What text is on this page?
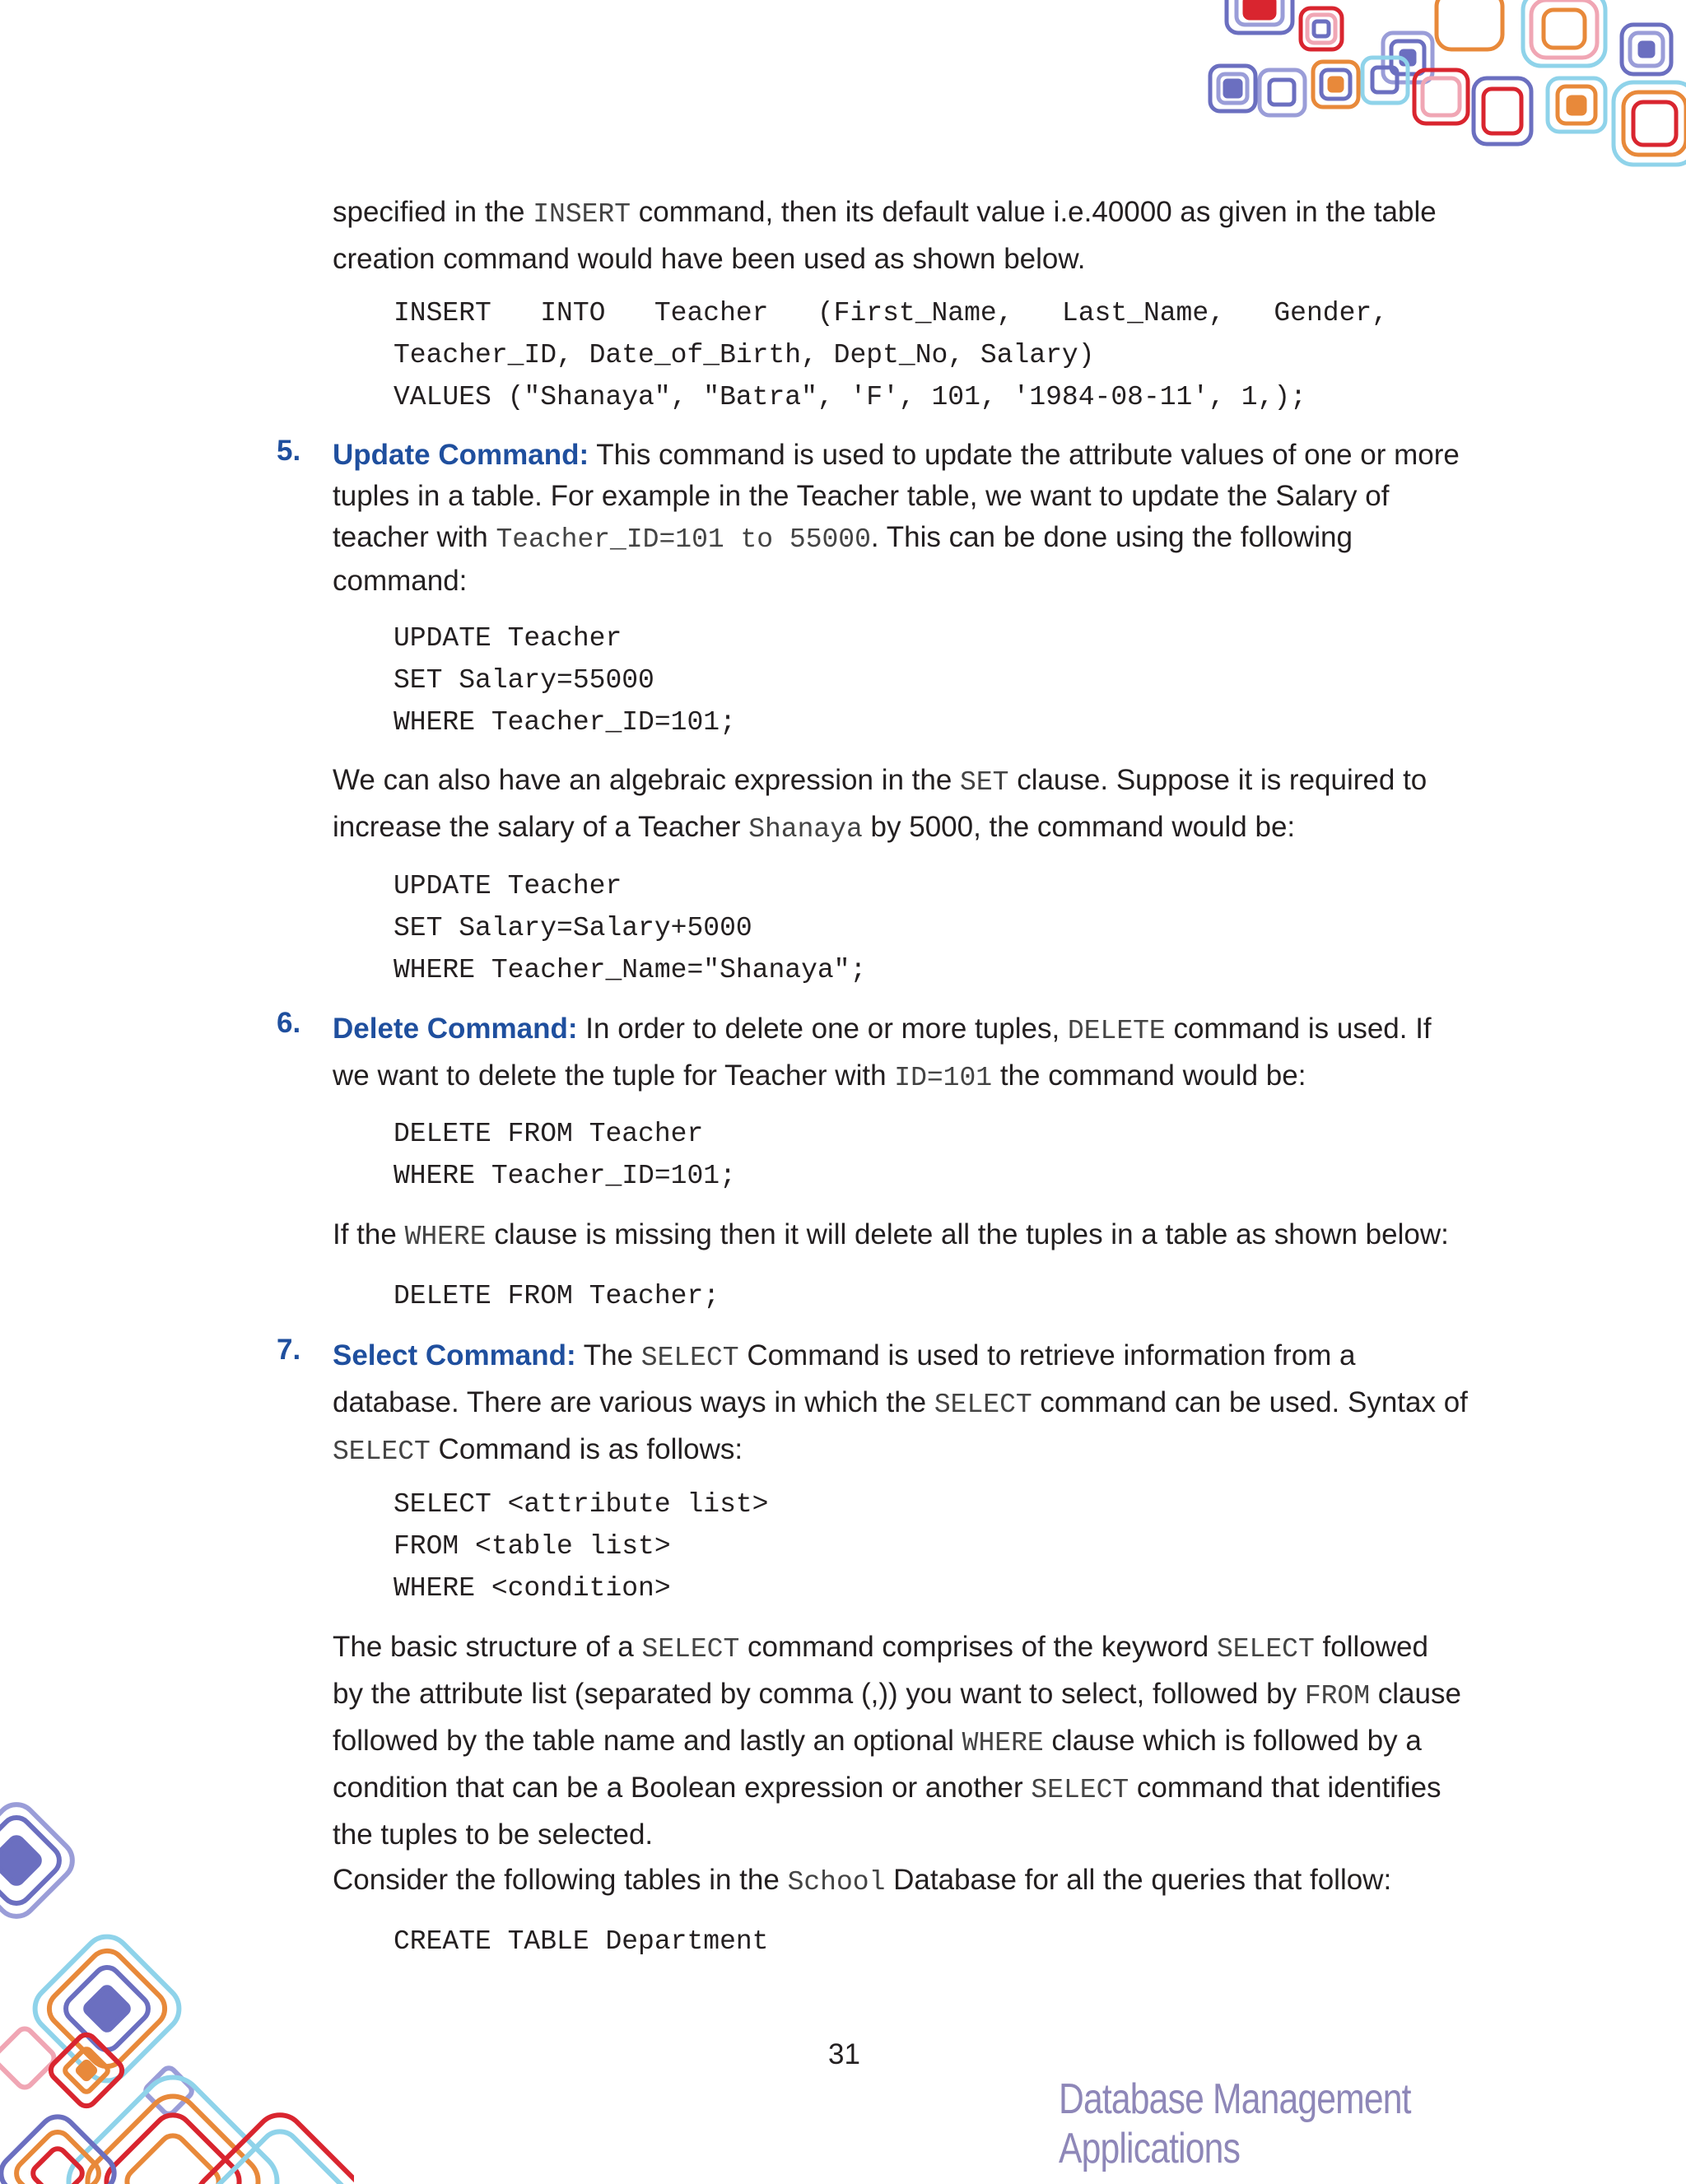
specified in the INSERT command, then its default value i.e.40000 as given in the table
creation command would have been used as shown below.
INSERT   INTO   Teacher   (First_Name,   Last_Name,   Gender,
Teacher_ID, Date_of_Birth, Dept_No, Salary)
VALUES ("Shanaya", "Batra", 'F', 101, '1984-08-11', 1,);
5. Update Command: This command is used to update the attribute values of one or more
tuples in a table. For example in the Teacher table, we want to update the Salary of
teacher with Teacher_ID=101 to 55000. This can be done using the following
command:
UPDATE Teacher
SET Salary=55000
WHERE Teacher_ID=101;
We can also have an algebraic expression in the SET clause. Suppose it is required to
increase the salary of a Teacher Shanaya by 5000, the command would be:
UPDATE Teacher
SET Salary=Salary+5000
WHERE Teacher_Name="Shanaya";
6. Delete Command: In order to delete one or more tuples, DELETE command is used. If
we want to delete the tuple for Teacher with ID=101 the command would be:
DELETE FROM Teacher
WHERE Teacher_ID=101;
If the WHERE clause is missing then it will delete all the tuples in a table as shown below:
DELETE FROM Teacher;
7. Select Command: The SELECT Command is used to retrieve information from a
database. There are various ways in which the SELECT command can be used. Syntax of
SELECT Command is as follows:
SELECT <attribute list>
FROM <table list>
WHERE <condition>
The basic structure of a SELECT command comprises of the keyword SELECT followed
by the attribute list (separated by comma (,)) you want to select, followed by FROM clause
followed by the table name and lastly an optional WHERE clause which is followed by a
condition that can be a Boolean expression or another SELECT command that identifies
the tuples to be selected.
Consider the following tables in the School Database for all the queries that follow:
CREATE TABLE Department
31
Database Management Applications
